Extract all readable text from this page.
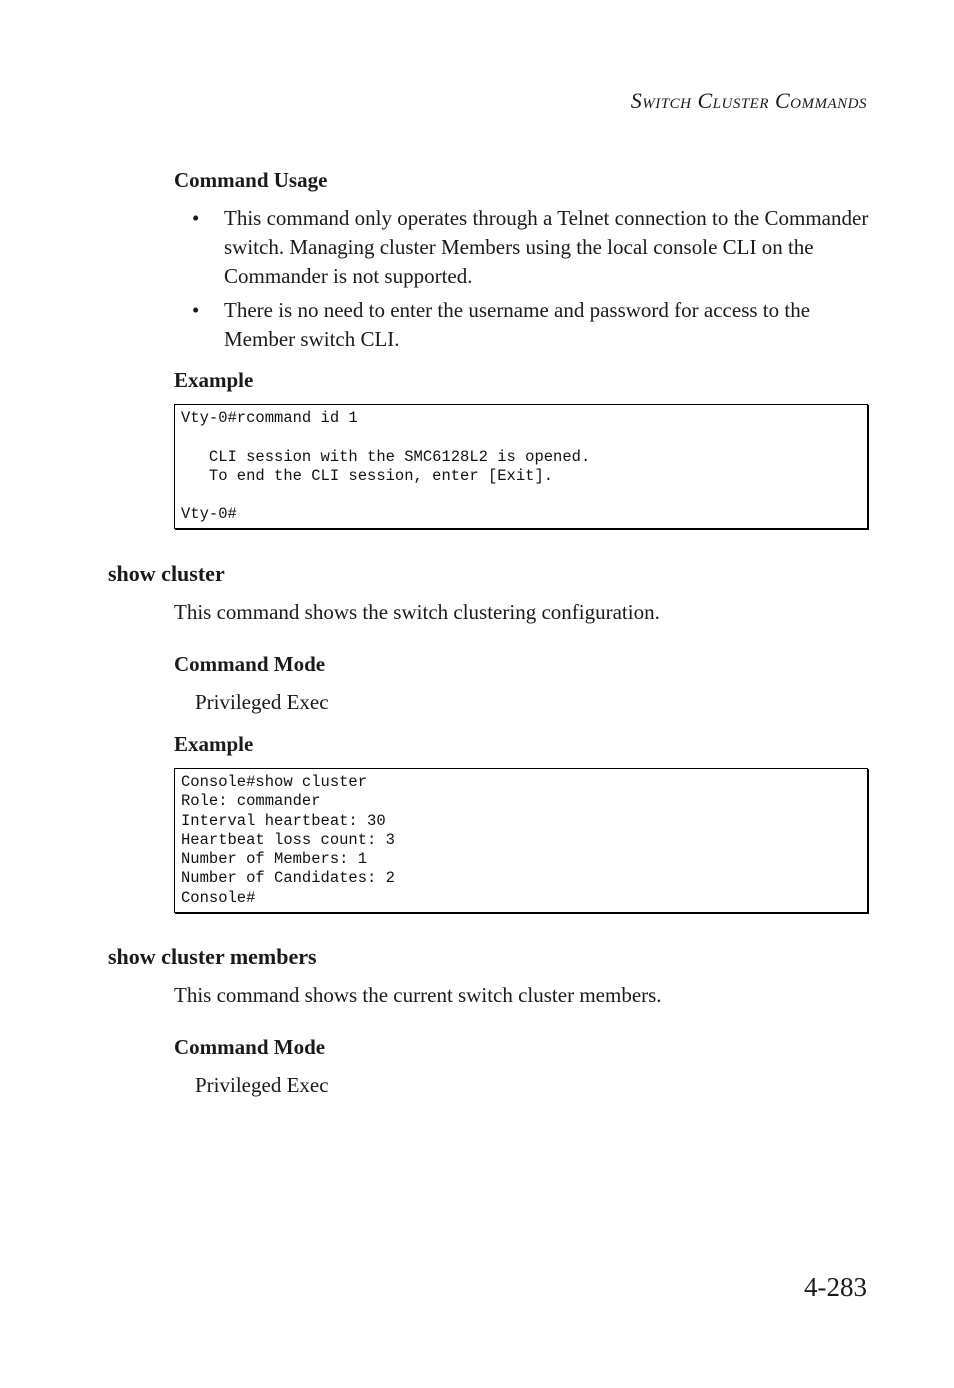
SWITCH CLUSTER COMMANDS
Command Usage
• This command only operates through a Telnet connection to the Commander switch. Managing cluster Members using the local console CLI on the Commander is not supported.
• There is no need to enter the username and password for access to the Member switch CLI.
Example
Vty-0#rcommand id 1

CLI session with the SMC6128L2 is opened.
To end the CLI session, enter [Exit].

Vty-0#
show cluster
This command shows the switch clustering configuration.
Command Mode
Privileged Exec
Example
Console#show cluster
Role: commander
Interval heartbeat: 30
Heartbeat loss count: 3
Number of Members: 1
Number of Candidates: 2
Console#
show cluster members
This command shows the current switch cluster members.
Command Mode
Privileged Exec
4-283
